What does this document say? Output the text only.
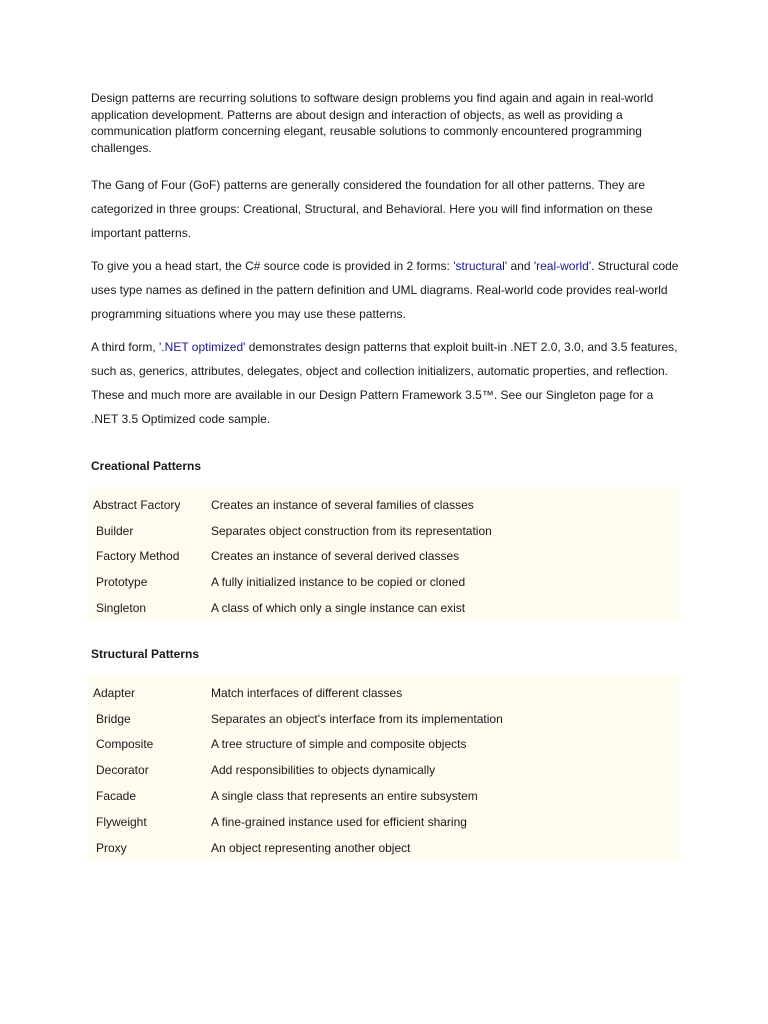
Design patterns are recurring solutions to software design problems you find again and again in real-world application development. Patterns are about design and interaction of objects, as well as providing a communication platform concerning elegant, reusable solutions to commonly encountered programming challenges.

The Gang of Four (GoF) patterns are generally considered the foundation for all other patterns. They are categorized in three groups: Creational, Structural, and Behavioral. Here you will find information on these important patterns.

To give you a head start, the C# source code is provided in 2 forms: 'structural' and 'real-world'. Structural code uses type names as defined in the pattern definition and UML diagrams. Real-world code provides real-world programming situations where you may use these patterns.

A third form, '.NET optimized' demonstrates design patterns that exploit built-in .NET 2.0, 3.0, and 3.5 features, such as, generics, attributes, delegates, object and collection initializers, automatic properties, and reflection. These and much more are available in our Design Pattern Framework 3.5™. See our Singleton page for a .NET 3.5 Optimized code sample.

Creational Patterns
Abstract Factory	Creates an instance of several families of classes
Builder	Separates object construction from its representation
Factory Method	Creates an instance of several derived classes
Prototype	A fully initialized instance to be copied or cloned
Singleton	A class of which only a single instance can exist
Structural Patterns
Adapter	Match interfaces of different classes
Bridge	Separates an object's interface from its implementation
Composite	A tree structure of simple and composite objects
Decorator	Add responsibilities to objects dynamically
Facade	A single class that represents an entire subsystem
Flyweight	A fine-grained instance used for efficient sharing
Proxy	An object representing another object
